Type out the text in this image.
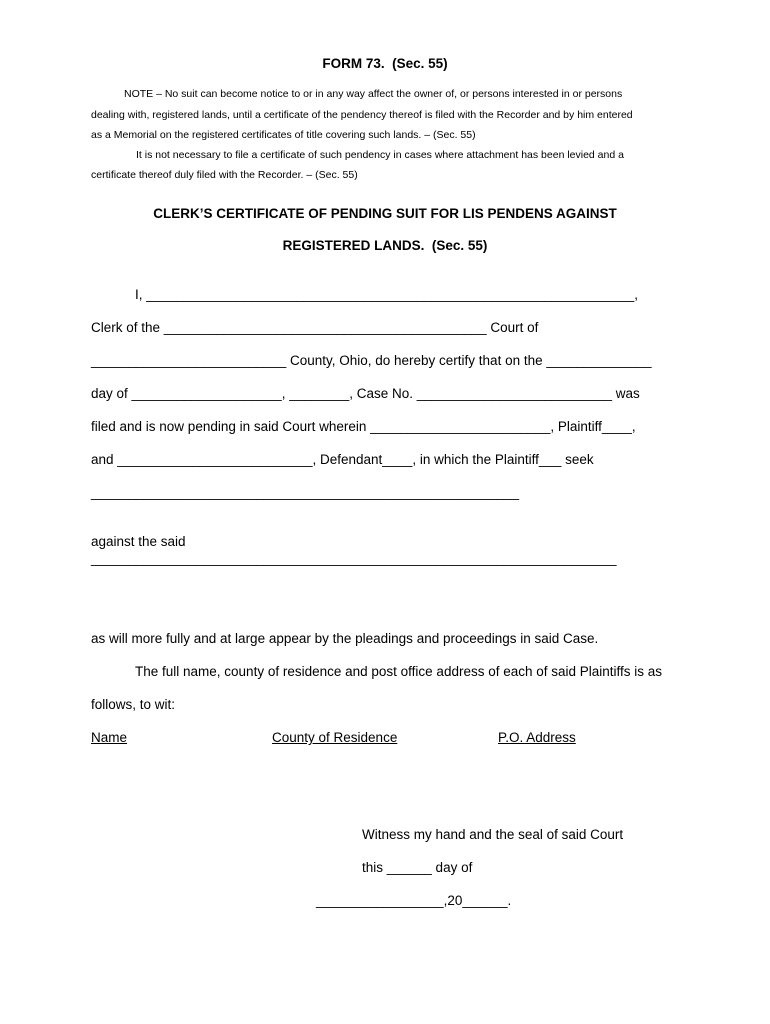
FORM 73.  (Sec. 55)

NOTE – No suit can become notice to or in any way affect the owner of, or persons interested in or persons

dealing with, registered lands, until a certificate of the pendency thereof is filed with the Recorder and by him entered

as a Memorial on the registered certificates of title covering such lands. – (Sec. 55)

It is not necessary to file a certificate of such pendency in cases where attachment has been levied and a

certificate thereof duly filed with the Recorder. – (Sec. 55)

CLERK’S CERTIFICATE OF PENDING SUIT FOR LIS PENDENS AGAINST

REGISTERED LANDS.  (Sec. 55)

I, _________________________________________________________________,

Clerk of the ___________________________________________ Court of

__________________________ County, Ohio, do hereby certify that on the ______________

day of ____________________, ________, Case No. __________________________ was

filed and is now pending in said Court wherein ________________________, Plaintiff____,

and __________________________, Defendant____, in which the Plaintiff___ seek

_________________________________________________________

against the said

______________________________________________________________________

as will more fully and at large appear by the pleadings and proceedings in said Case.

The full name, county of residence and post office address of each of said Plaintiffs is as

follows, to wit:

Name	County of Residence	P.O. Address

Witness my hand and the seal of said Court

this ______ day of

_________________,20______.
